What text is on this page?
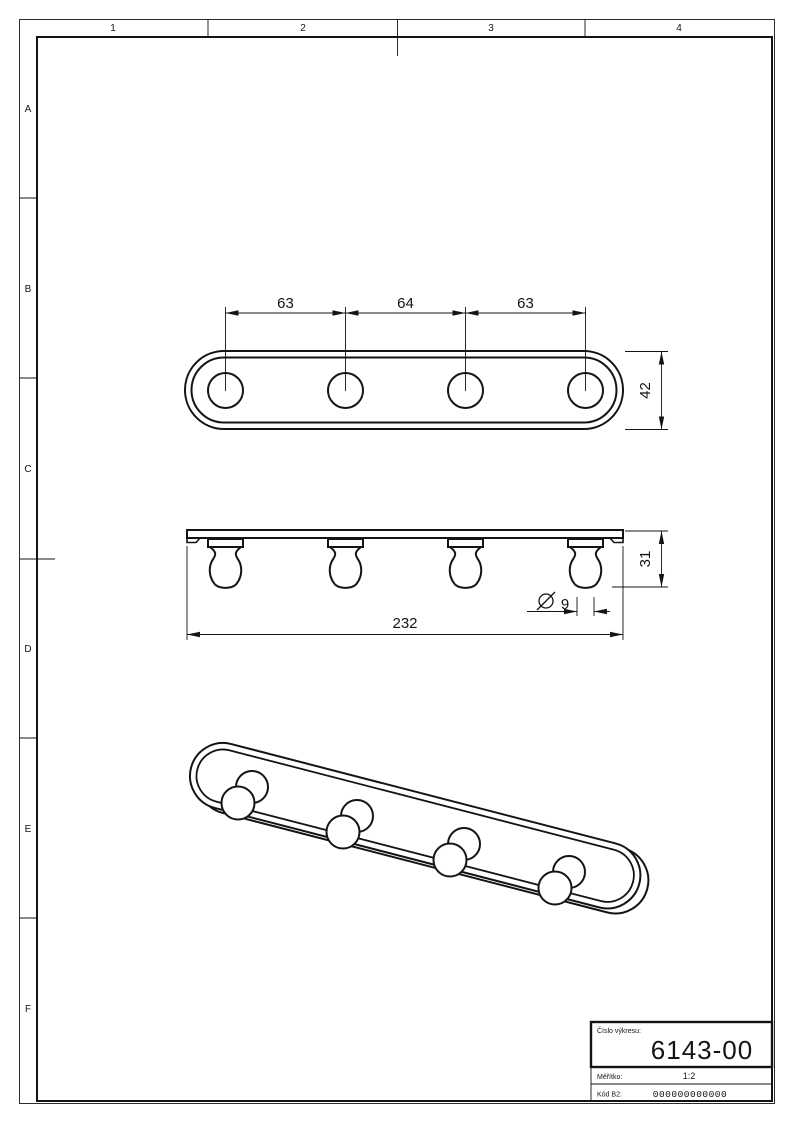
1	2	3	4
A
B
C
D
E
F
63	64	63
42
232
31
9
Číslo výkresu:
6143-00
Měřítko:	1:2
Kód B2:	000000000000
